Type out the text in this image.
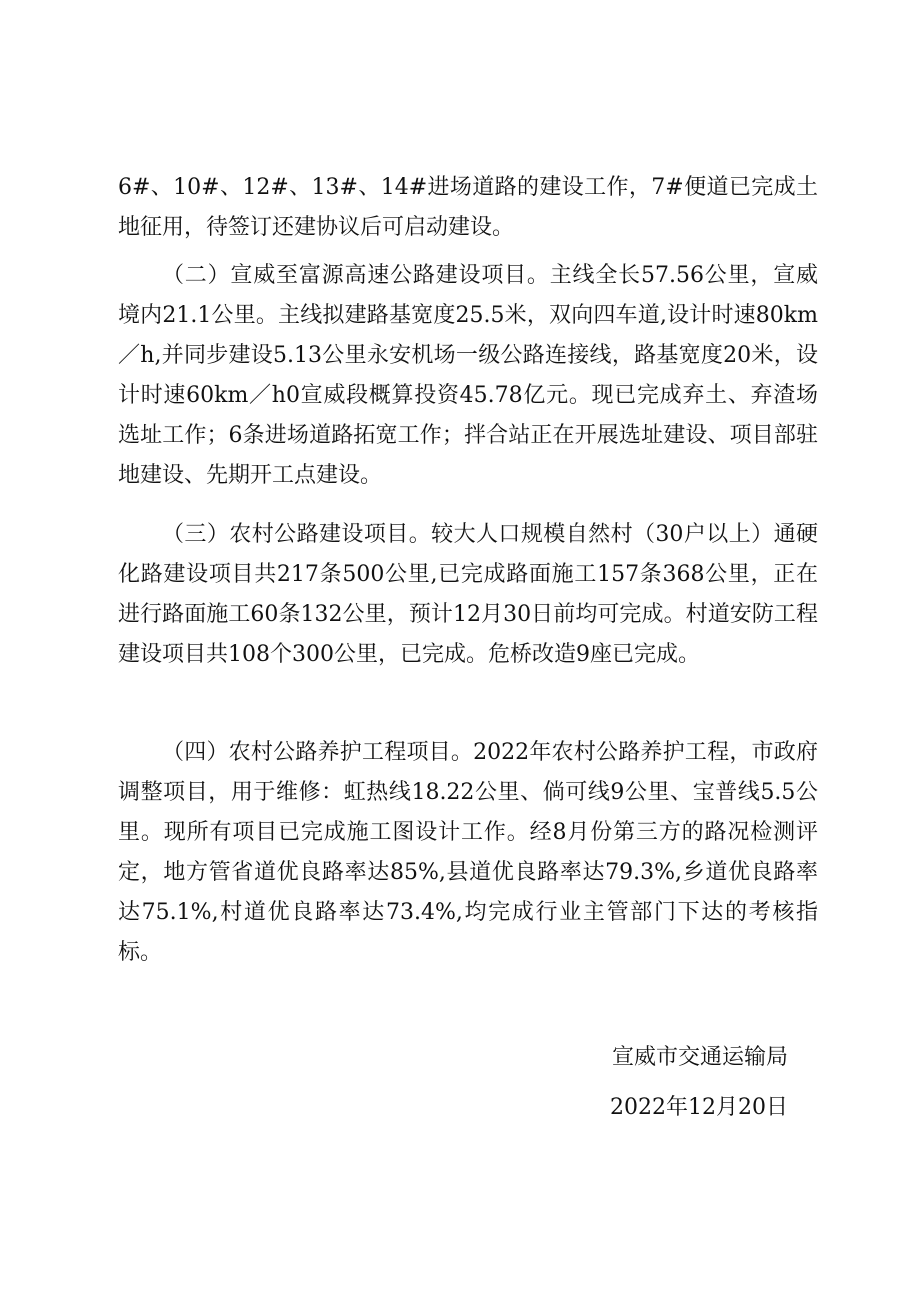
6#、10#、12#、13#、14#进场道路的建设工作，7#便道已完成土地征用，待签订还建协议后可启动建设。

（二）宣威至富源高速公路建设项目。主线全长57.56公里，宣威境内21.1公里。主线拟建路基宽度25.5米，双向四车道,设计时速80km／h,并同步建设5.13公里永安机场一级公路连接线，路基宽度20米，设计时速60km／h0宣威段概算投资45.78亿元。现已完成弃土、弃渣场选址工作；6条进场道路拓宽工作；拌合站正在开展选址建设、项目部驻地建设、先期开工点建设。

（三）农村公路建设项目。较大人口规模自然村（30户以上）通硬化路建设项目共217条500公里,已完成路面施工157条368公里，正在进行路面施工60条132公里，预计12月30日前均可完成。村道安防工程建设项目共108个300公里，已完成。危桥改造9座已完成。

（四）农村公路养护工程项目。2022年农村公路养护工程，市政府调整项目，用于维修：虹热线18.22公里、倘可线9公里、宝普线5.5公里。现所有项目已完成施工图设计工作。经8月份第三方的路况检测评定，地方管省道优良路率达85%,县道优良路率达79.3%,乡道优良路率达75.1%,村道优良路率达73.4%,均完成行业主管部门下达的考核指标。

宣威市交通运输局

2022年12月20日
